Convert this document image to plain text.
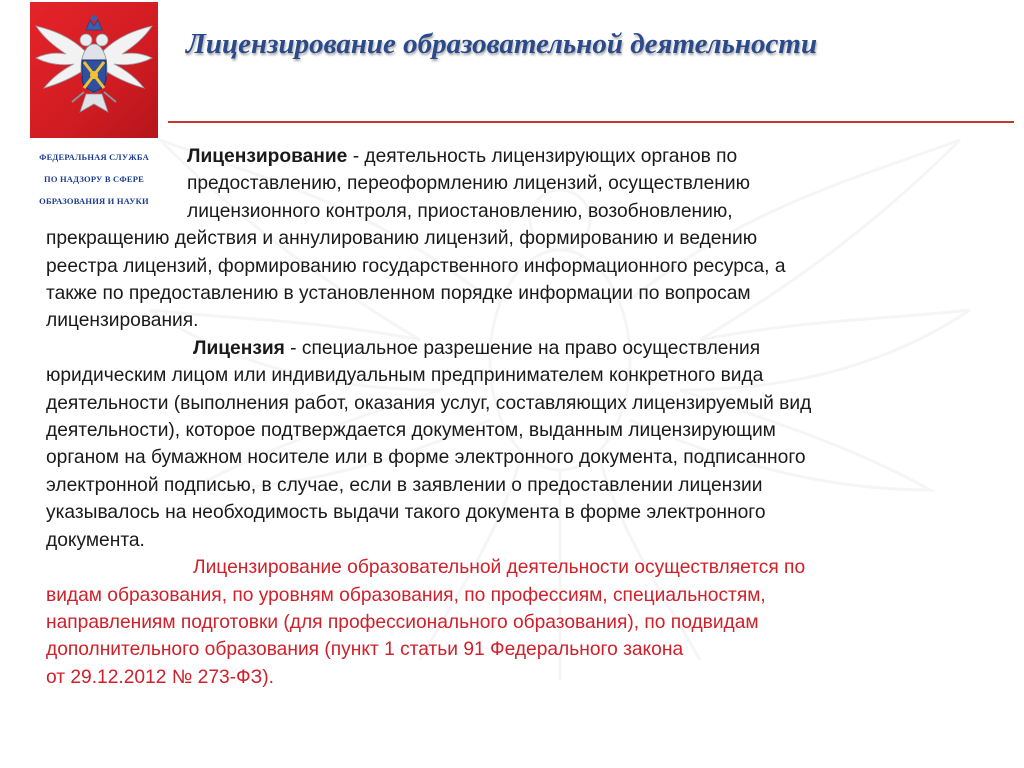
ФЕДЕРАЛЬНАЯ СЛУЖБА
ПО НАДЗОРУ В СФЕРЕ
ОБРАЗОВАНИЯ И НАУКИ
Лицензирование образовательной деятельности
Лицензирование - деятельность лицензирующих органов по
предоставлению, переоформлению лицензий, осуществлению
лицензионного контроля, приостановлению, возобновлению,
прекращению действия и аннулированию лицензий, формированию и ведению
реестра лицензий, формированию государственного информационного ресурса, а
также по предоставлению в установленном порядке информации по вопросам
лицензирования.
Лицензия - специальное разрешение на право осуществления
юридическим лицом или индивидуальным предпринимателем конкретного вида
деятельности (выполнения работ, оказания услуг, составляющих лицензируемый вид
деятельности), которое подтверждается документом, выданным лицензирующим
органом на бумажном носителе или в форме электронного документа, подписанного
электронной подписью, в случае, если в заявлении о предоставлении лицензии
указывалось на необходимость выдачи такого документа в форме электронного
документа.
Лицензирование образовательной деятельности осуществляется по
видам образования, по уровням образования, по профессиям, специальностям,
направлениям подготовки (для профессионального образования), по подвидам
дополнительного образования (пункт 1 статьи 91 Федерального закона
от 29.12.2012 № 273-ФЗ).
